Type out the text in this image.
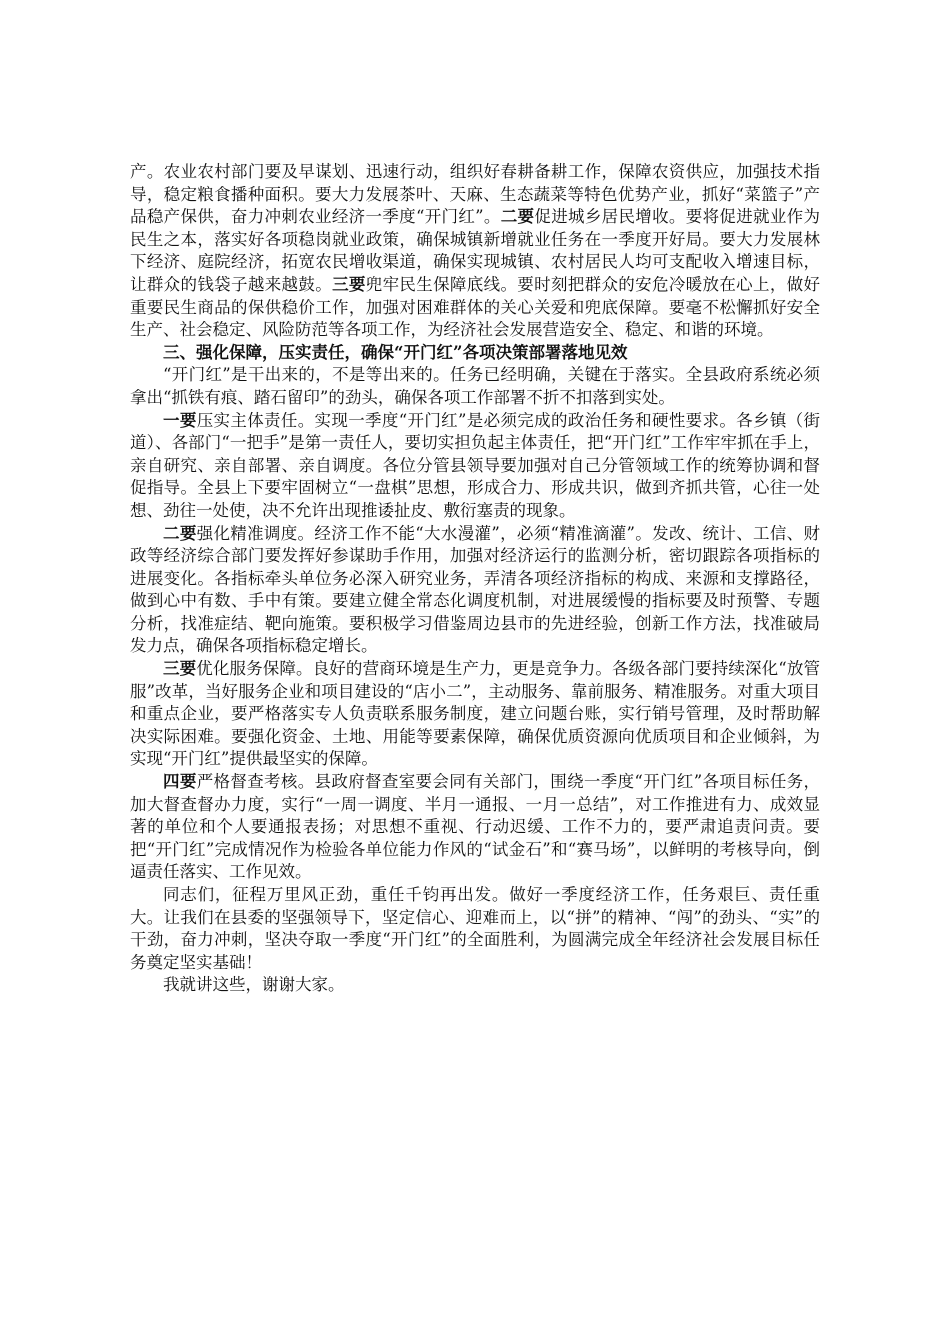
产。农业农村部门要及早谋划、迅速行动，组织好春耕备耕工作，保障农资供应，加强技术指导，稳定粮食播种面积。要大力发展茶叶、天麻、生态蔬菜等特色优势产业，抓好“菜篮子”产品稳产保供，奋力冲刺农业经济一季度“开门红”。二要促进城乡居民增收。要将促进就业作为民生之本，落实好各项稳岗就业政策，确保城镇新增就业任务在一季度开好局。要大力发展林下经济、庭院经济，拓宽农民增收渠道，确保实现城镇、农村居民人均可支配收入增速目标，让群众的钱袋子越来越鼓。三要兜牢民生保障底线。要时刻把群众的安危冷暖放在心上，做好重要民生商品的保供稳价工作，加强对困难群体的关心关爱和兜底保障。要毫不松懈抓好安全生产、社会稳定、风险防范等各项工作，为经济社会发展营造安全、稳定、和谐的环境。

三、强化保障，压实责任，确保“开门红”各项决策部署落地见效

“开门红”是干出来的，不是等出来的。任务已经明确，关键在于落实。全县政府系统必须拿出“抓铁有痕、踏石留印”的劲头，确保各项工作部署不折不扣落到实处。

一要压实主体责任。实现一季度“开门红”是必须完成的政治任务和硬性要求。各乡镇（街道）、各部门“一把手”是第一责任人，要切实担负起主体责任，把“开门红”工作牢牢抓在手上，亲自研究、亲自部署、亲自调度。各位分管县领导要加强对自己分管领域工作的统筹协调和督促指导。全县上下要牢固树立“一盘棋”思想，形成合力、形成共识，做到齐抓共管，心往一处想、劲往一处使，决不允许出现推诿扯皮、敷衍塞责的现象。

二要强化精准调度。经济工作不能“大水漫灌”，必须“精准滴灌”。发改、统计、工信、财政等经济综合部门要发挥好参谋助手作用，加强对经济运行的监测分析，密切跟踪各项指标的进展变化。各指标牵头单位务必深入研究业务，弄清各项经济指标的构成、来源和支撑路径，做到心中有数、手中有策。要建立健全常态化调度机制，对进展缓慢的指标要及时预警、专题分析，找准症结、靶向施策。要积极学习借鉴周边县市的先进经验，创新工作方法，找准破局发力点，确保各项指标稳定增长。

三要优化服务保障。良好的营商环境是生产力，更是竞争力。各级各部门要持续深化“放管服”改革，当好服务企业和项目建设的“店小二”，主动服务、靠前服务、精准服务。对重大项目和重点企业，要严格落实专人负责联系服务制度，建立问题台账，实行销号管理，及时帮助解决实际困难。要强化资金、土地、用能等要素保障，确保优质资源向优质项目和企业倾斜，为实现“开门红”提供最坚实的保障。

四要严格督查考核。县政府督查室要会同有关部门，围绕一季度“开门红”各项目标任务，加大督查督办力度，实行“一周一调度、半月一通报、一月一总结”，对工作推进有力、成效显著的单位和个人要通报表扬；对思想不重视、行动迟缓、工作不力的，要严肃追责问责。要把“开门红”完成情况作为检验各单位能力作风的“试金石”和“赛马场”，以鲜明的考核导向，倒逼责任落实、工作见效。

同志们，征程万里风正劲，重任千钧再出发。做好一季度经济工作，任务艰巨、责任重大。让我们在县委的坚强领导下，坚定信心、迎难而上，以“拼”的精神、“闯”的劲头、“实”的干劲，奋力冲刺，坚决夺取一季度“开门红”的全面胜利，为圆满完成全年经济社会发展目标任务奠定坚实基础！

我就讲这些，谢谢大家。
